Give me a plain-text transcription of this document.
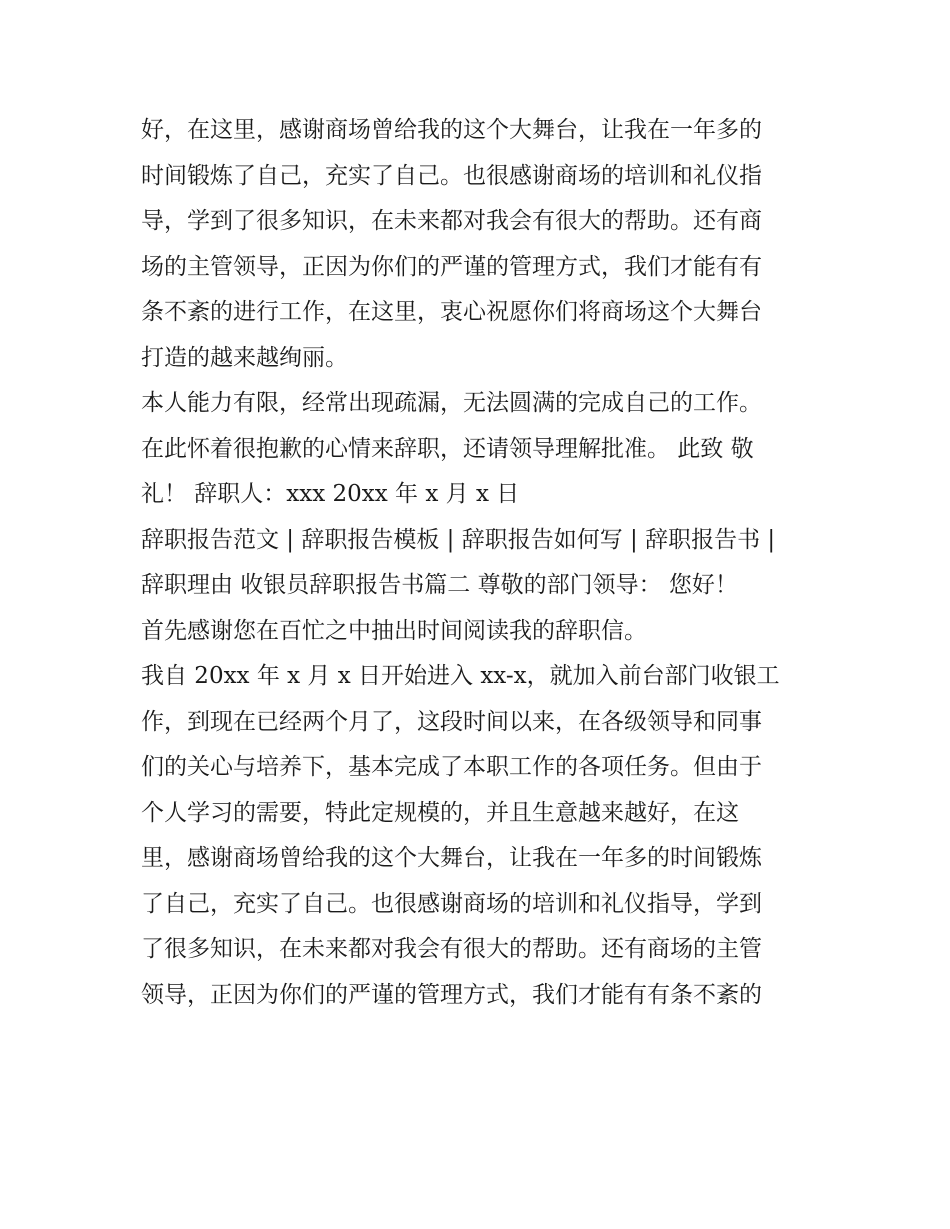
好，在这里，感谢商场曾给我的这个大舞台，让我在一年多的
时间锻炼了自己，充实了自己。也很感谢商场的培训和礼仪指
导，学到了很多知识，在未来都对我会有很大的帮助。还有商
场的主管领导，正因为你们的严谨的管理方式，我们才能有有
条不紊的进行工作，在这里，衷心祝愿你们将商场这个大舞台
打造的越来越绚丽。
本人能力有限，经常出现疏漏，无法圆满的完成自己的工作。
在此怀着很抱歉的心情来辞职，还请领导理解批准。 此致 敬
礼！ 辞职人：xxx 20xx 年 x 月 x 日
辞职报告范文 | 辞职报告模板 | 辞职报告如何写 | 辞职报告书 |
辞职理由 收银员辞职报告书篇二 尊敬的部门领导： 您好！
首先感谢您在百忙之中抽出时间阅读我的辞职信。
我自 20xx 年 x 月 x 日开始进入 xx-x，就加入前台部门收银工
作，到现在已经两个月了，这段时间以来，在各级领导和同事
们的关心与培养下，基本完成了本职工作的各项任务。但由于
个人学习的需要，特此定规模的，并且生意越来越好，在这
里，感谢商场曾给我的这个大舞台，让我在一年多的时间锻炼
了自己，充实了自己。也很感谢商场的培训和礼仪指导，学到
了很多知识，在未来都对我会有很大的帮助。还有商场的主管
领导，正因为你们的严谨的管理方式，我们才能有有条不紊的
